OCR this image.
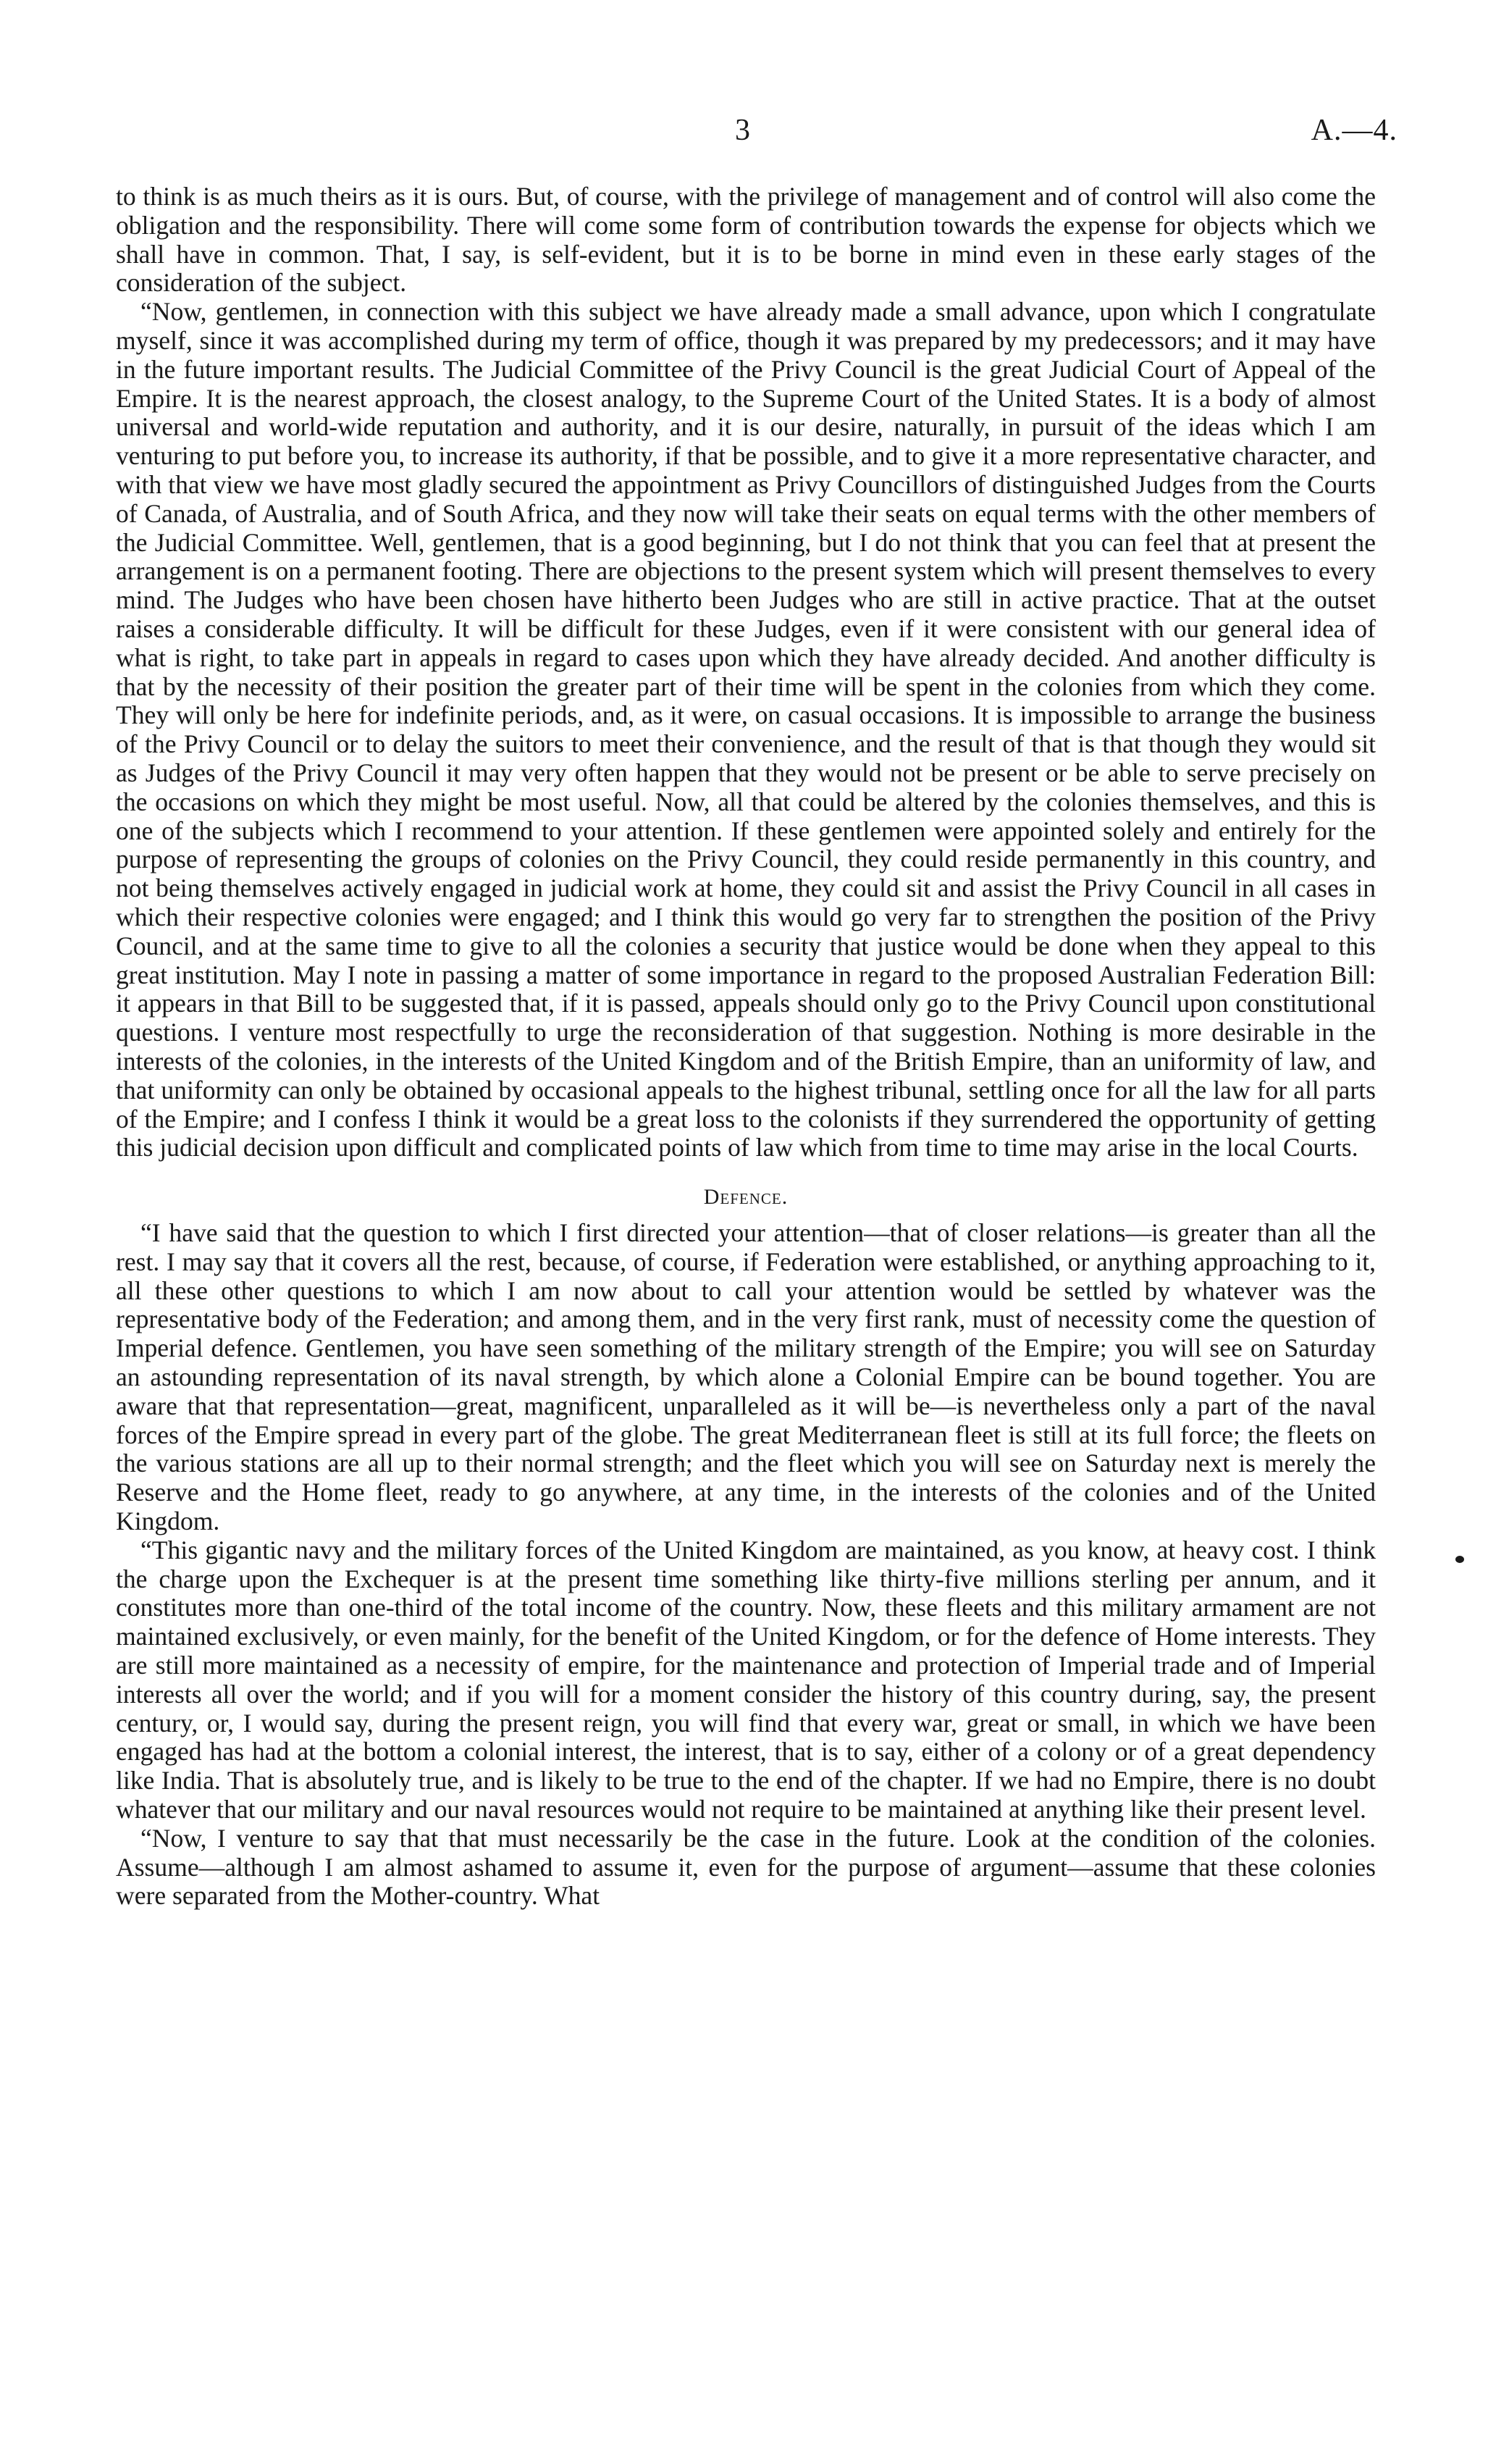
3	A.—4.

to think is as much theirs as it is ours. But, of course, with the privilege of management and of control will also come the obligation and the responsibility. There will come some form of contribution towards the expense for objects which we shall have in common. That, I say, is self-evident, but it is to be borne in mind even in these early stages of the consideration of the subject.

“Now, gentlemen, in connection with this subject we have already made a small advance, upon which I congratulate myself, since it was accomplished during my term of office, though it was prepared by my predecessors; and it may have in the future important results. The Judicial Committee of the Privy Council is the great Judicial Court of Appeal of the Empire. It is the nearest approach, the closest analogy, to the Supreme Court of the United States. It is a body of almost universal and world-wide reputation and authority, and it is our desire, naturally, in pursuit of the ideas which I am venturing to put before you, to increase its authority, if that be possible, and to give it a more representative character, and with that view we have most gladly secured the appointment as Privy Councillors of distinguished Judges from the Courts of Canada, of Australia, and of South Africa, and they now will take their seats on equal terms with the other members of the Judicial Committee. Well, gentlemen, that is a good beginning, but I do not think that you can feel that at present the arrangement is on a permanent footing. There are objections to the present system which will present themselves to every mind. The Judges who have been chosen have hitherto been Judges who are still in active practice. That at the outset raises a considerable difficulty. It will be difficult for these Judges, even if it were consistent with our general idea of what is right, to take part in appeals in regard to cases upon which they have already decided. And another difficulty is that by the necessity of their position the greater part of their time will be spent in the colonies from which they come. They will only be here for indefinite periods, and, as it were, on casual occasions. It is impossible to arrange the business of the Privy Council or to delay the suitors to meet their convenience, and the result of that is that though they would sit as Judges of the Privy Council it may very often happen that they would not be present or be able to serve precisely on the occasions on which they might be most useful. Now, all that could be altered by the colonies themselves, and this is one of the subjects which I recommend to your attention. If these gentlemen were appointed solely and entirely for the purpose of representing the groups of colonies on the Privy Council, they could reside permanently in this country, and not being themselves actively engaged in judicial work at home, they could sit and assist the Privy Council in all cases in which their respective colonies were engaged; and I think this would go very far to strengthen the position of the Privy Council, and at the same time to give to all the colonies a security that justice would be done when they appeal to this great institution. May I note in passing a matter of some importance in regard to the proposed Australian Federation Bill: it appears in that Bill to be suggested that, if it is passed, appeals should only go to the Privy Council upon constitutional questions. I venture most respectfully to urge the reconsideration of that suggestion. Nothing is more desirable in the interests of the colonies, in the interests of the United Kingdom and of the British Empire, than an uniformity of law, and that uniformity can only be obtained by occasional appeals to the highest tribunal, settling once for all the law for all parts of the Empire; and I confess I think it would be a great loss to the colonists if they surrendered the opportunity of getting this judicial decision upon difficult and complicated points of law which from time to time may arise in the local Courts.

Defence.

“I have said that the question to which I first directed your attention—that of closer relations—is greater than all the rest. I may say that it covers all the rest, because, of course, if Federation were established, or anything approaching to it, all these other questions to which I am now about to call your attention would be settled by whatever was the representative body of the Federation; and among them, and in the very first rank, must of necessity come the question of Imperial defence. Gentlemen, you have seen something of the military strength of the Empire; you will see on Saturday an astounding representation of its naval strength, by which alone a Colonial Empire can be bound together. You are aware that that representation—great, magnificent, unparalleled as it will be—is nevertheless only a part of the naval forces of the Empire spread in every part of the globe. The great Mediterranean fleet is still at its full force; the fleets on the various stations are all up to their normal strength; and the fleet which you will see on Saturday next is merely the Reserve and the Home fleet, ready to go anywhere, at any time, in the interests of the colonies and of the United Kingdom.

“This gigantic navy and the military forces of the United Kingdom are maintained, as you know, at heavy cost. I think the charge upon the Exchequer is at the present time something like thirty-five millions sterling per annum, and it constitutes more than one-third of the total income of the country. Now, these fleets and this military armament are not maintained exclusively, or even mainly, for the benefit of the United Kingdom, or for the defence of Home interests. They are still more maintained as a necessity of empire, for the maintenance and protection of Imperial trade and of Imperial interests all over the world; and if you will for a moment consider the history of this country during, say, the present century, or, I would say, during the present reign, you will find that every war, great or small, in which we have been engaged has had at the bottom a colonial interest, the interest, that is to say, either of a colony or of a great dependency like India. That is absolutely true, and is likely to be true to the end of the chapter. If we had no Empire, there is no doubt whatever that our military and our naval resources would not require to be maintained at anything like their present level.

“Now, I venture to say that that must necessarily be the case in the future. Look at the condition of the colonies. Assume—although I am almost ashamed to assume it, even for the purpose of argument—assume that these colonies were separated from the Mother-country. What
